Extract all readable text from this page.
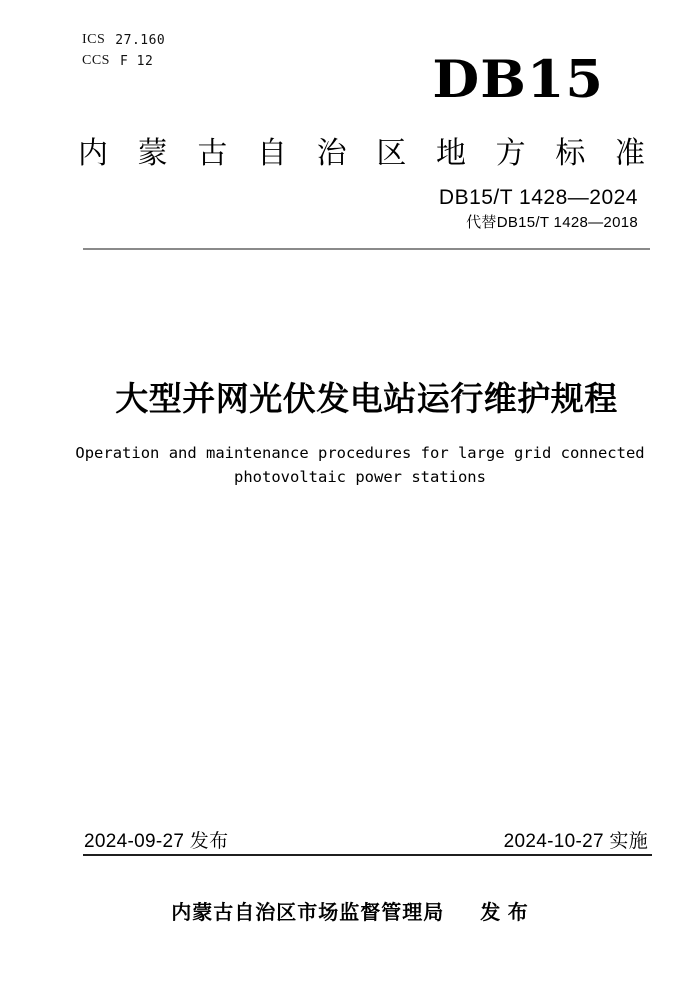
ICS 27.160
CCS F 12	DB15
内 蒙 古 自 治 区 地 方 标 准
DB15/T 1428—2024
代替DB15/T 1428—2018
大型并网光伏发电站运行维护规程
Operation and maintenance procedures for large grid connected
photovoltaic power stations
2024-09-27 发布	2024-10-27 实施
内蒙古自治区市场监督管理局 发 布
